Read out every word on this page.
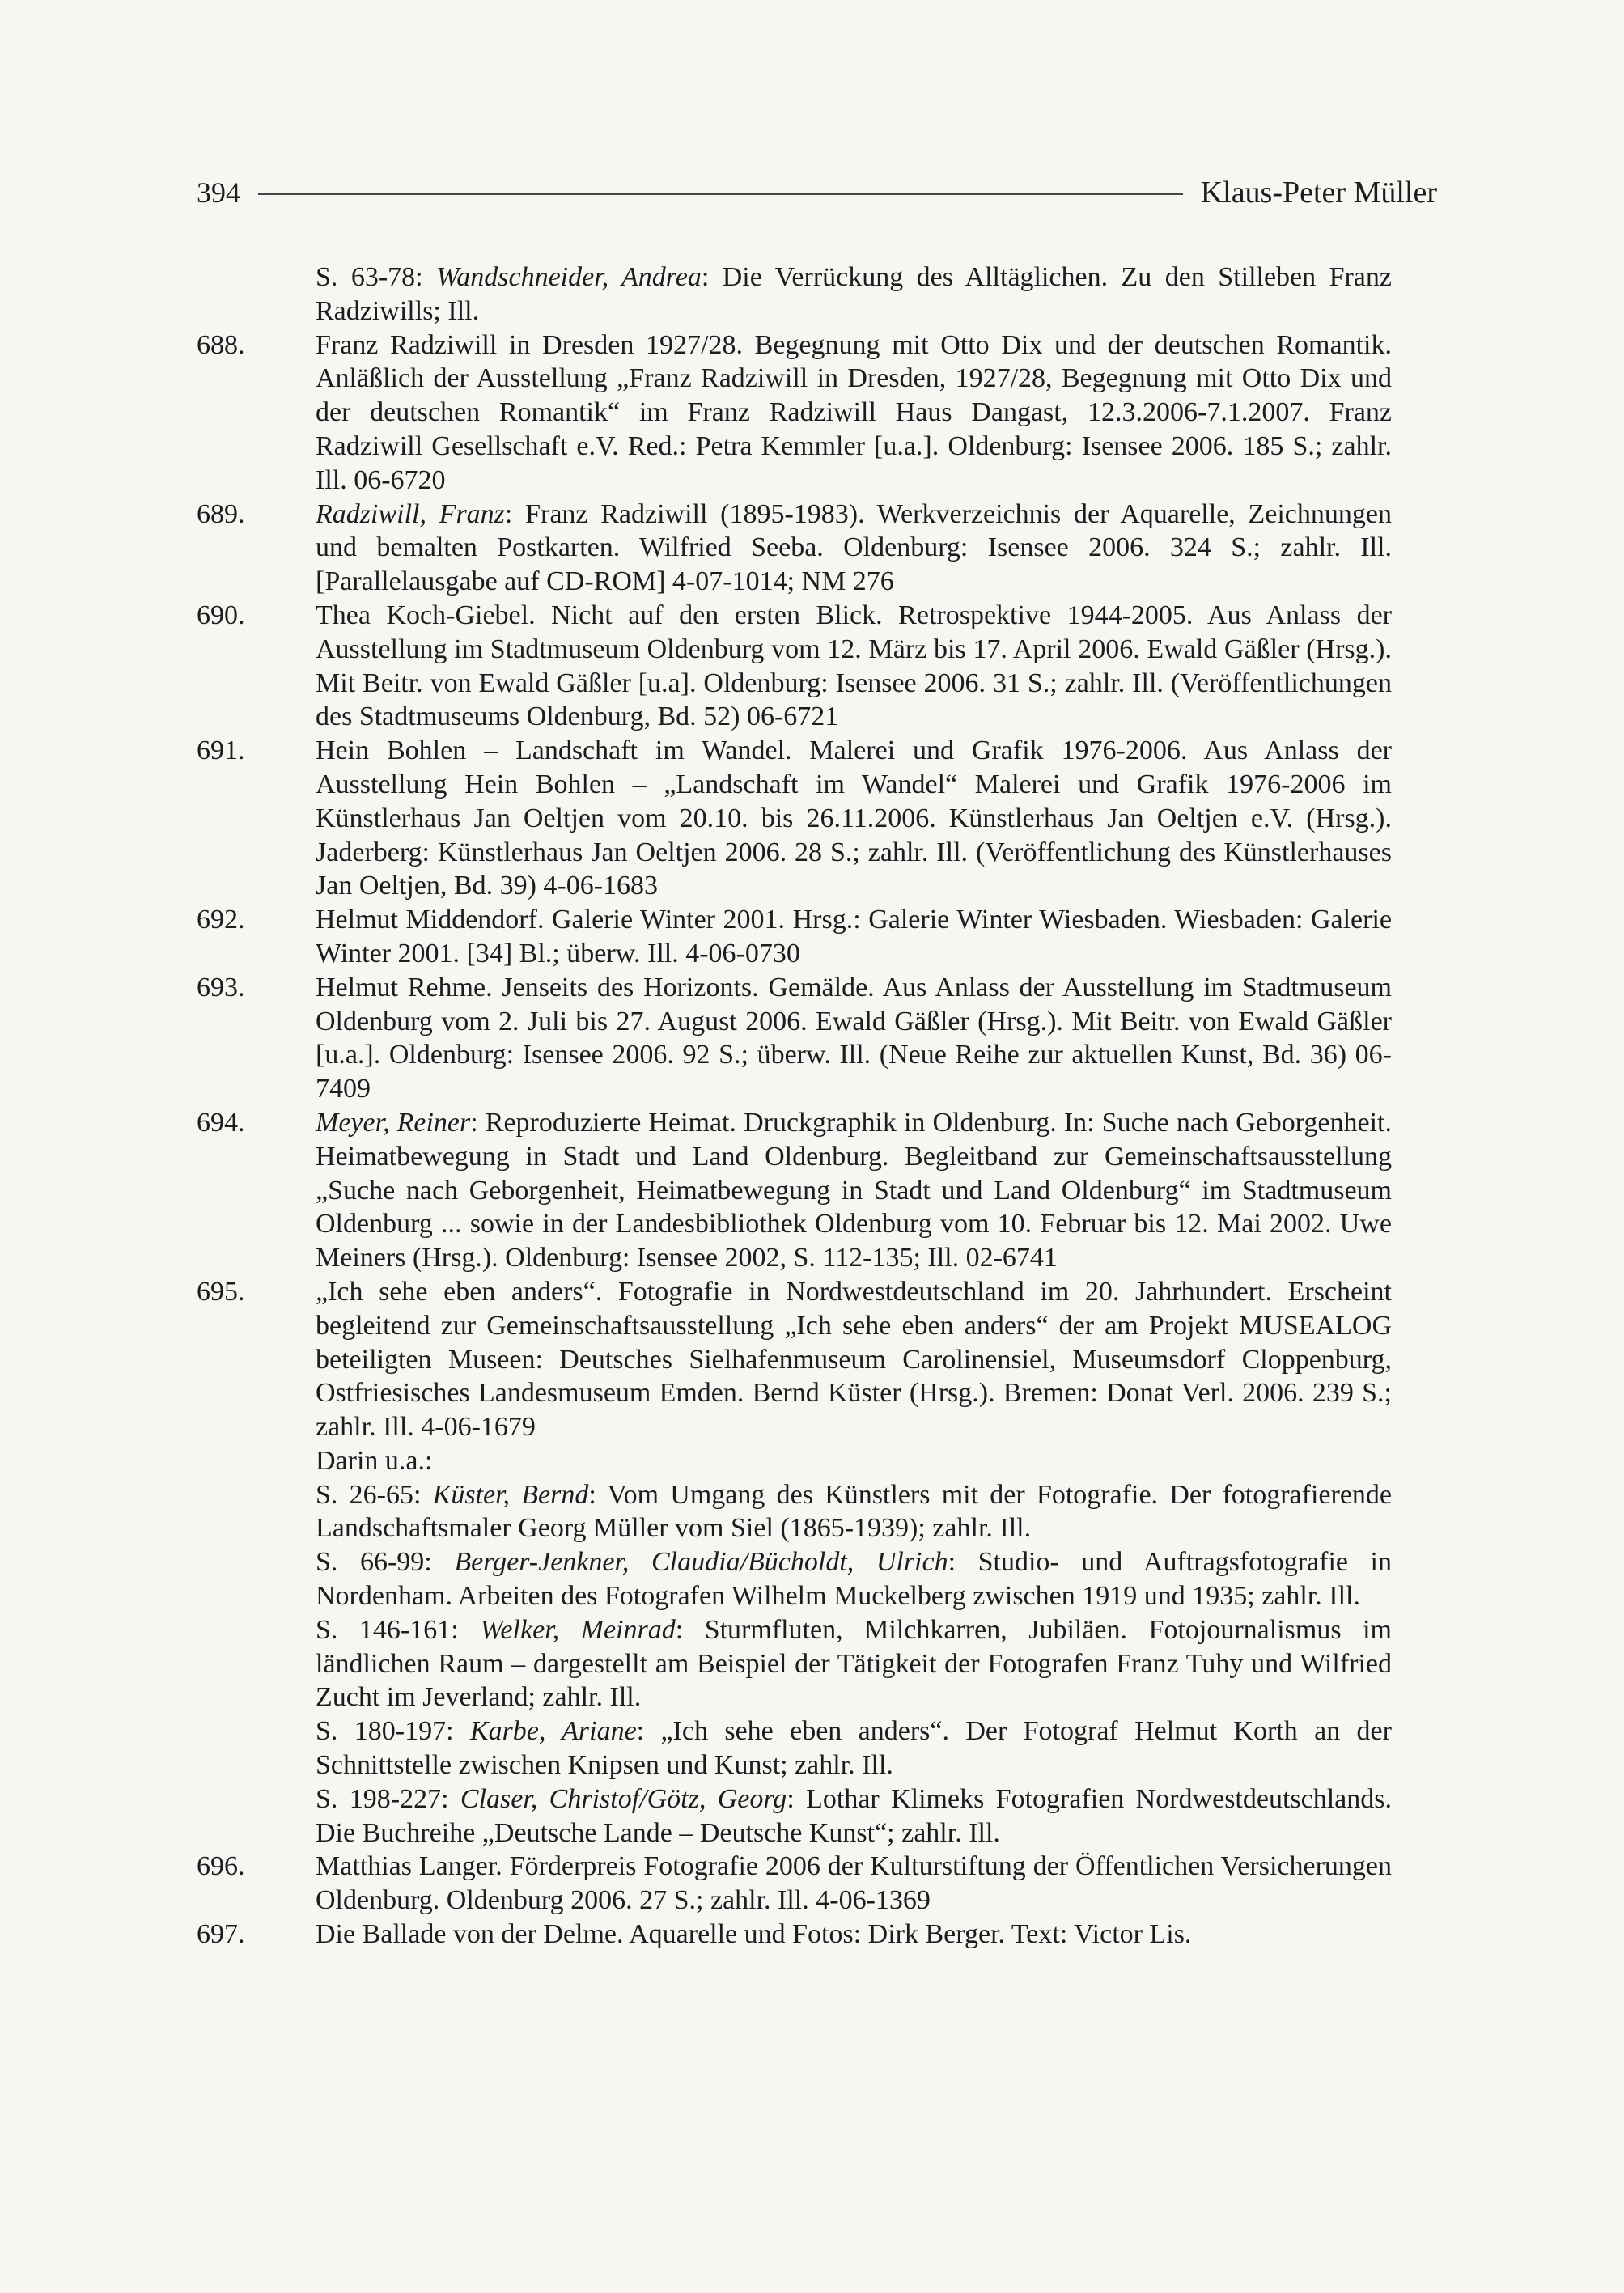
394	Klaus-Peter Müller
S. 63-78: Wandschneider, Andrea: Die Verrückung des Alltäglichen. Zu den Stilleben Franz Radziwills; Ill.
688.	Franz Radziwill in Dresden 1927/28. Begegnung mit Otto Dix und der deutschen Romantik. Anläßlich der Ausstellung „Franz Radziwill in Dresden, 1927/28, Begegnung mit Otto Dix und der deutschen Romantik“ im Franz Radziwill Haus Dangast, 12.3.2006-7.1.2007. Franz Radziwill Gesellschaft e.V. Red.: Petra Kemmler [u.a.]. Oldenburg: Isensee 2006. 185 S.; zahlr. Ill. 06-6720
689.	Radziwill, Franz: Franz Radziwill (1895-1983). Werkverzeichnis der Aquarelle, Zeichnungen und bemalten Postkarten. Wilfried Seeba. Oldenburg: Isensee 2006. 324 S.; zahlr. Ill. [Parallelausgabe auf CD-ROM] 4-07-1014; NM 276
690.	Thea Koch-Giebel. Nicht auf den ersten Blick. Retrospektive 1944-2005. Aus Anlass der Ausstellung im Stadtmuseum Oldenburg vom 12. März bis 17. April 2006. Ewald Gäßler (Hrsg.). Mit Beitr. von Ewald Gäßler [u.a]. Oldenburg: Isensee 2006. 31 S.; zahlr. Ill. (Veröffentlichungen des Stadtmuseums Oldenburg, Bd. 52) 06-6721
691.	Hein Bohlen – Landschaft im Wandel. Malerei und Grafik 1976-2006. Aus Anlass der Ausstellung Hein Bohlen – „Landschaft im Wandel“ Malerei und Grafik 1976-2006 im Künstlerhaus Jan Oeltjen vom 20.10. bis 26.11.2006. Künstlerhaus Jan Oeltjen e.V. (Hrsg.). Jaderberg: Künstlerhaus Jan Oeltjen 2006. 28 S.; zahlr. Ill. (Veröffentlichung des Künstlerhauses Jan Oeltjen, Bd. 39) 4-06-1683
692.	Helmut Middendorf. Galerie Winter 2001. Hrsg.: Galerie Winter Wiesbaden. Wiesbaden: Galerie Winter 2001. [34] Bl.; überw. Ill. 4-06-0730
693.	Helmut Rehme. Jenseits des Horizonts. Gemälde. Aus Anlass der Ausstellung im Stadtmuseum Oldenburg vom 2. Juli bis 27. August 2006. Ewald Gäßler (Hrsg.). Mit Beitr. von Ewald Gäßler [u.a.]. Oldenburg: Isensee 2006. 92 S.; überw. Ill. (Neue Reihe zur aktuellen Kunst, Bd. 36) 06-7409
694.	Meyer, Reiner: Reproduzierte Heimat. Druckgraphik in Oldenburg. In: Suche nach Geborgenheit. Heimatbewegung in Stadt und Land Oldenburg. Begleitband zur Gemeinschaftsausstellung „Suche nach Geborgenheit, Heimatbewegung in Stadt und Land Oldenburg“ im Stadtmuseum Oldenburg ... sowie in der Landesbibliothek Oldenburg vom 10. Februar bis 12. Mai 2002. Uwe Meiners (Hrsg.). Oldenburg: Isensee 2002, S. 112-135; Ill. 02-6741
695.	„Ich sehe eben anders“. Fotografie in Nordwestdeutschland im 20. Jahrhundert. Erscheint begleitend zur Gemeinschaftsausstellung „Ich sehe eben anders“ der am Projekt MUSEALOG beteiligten Museen: Deutsches Sielhafenmuseum Carolinensiel, Museumsdorf Cloppenburg, Ostfriesisches Landesmuseum Emden. Bernd Küster (Hrsg.). Bremen: Donat Verl. 2006. 239 S.; zahlr. Ill. 4-06-1679
Darin u.a.:
S. 26-65: Küster, Bernd: Vom Umgang des Künstlers mit der Fotografie. Der fotografierende Landschaftsmaler Georg Müller vom Siel (1865-1939); zahlr. Ill.
S. 66-99: Berger-Jenkner, Claudia/Bücholdt, Ulrich: Studio- und Auftragsfotografie in Nordenham. Arbeiten des Fotografen Wilhelm Muckelberg zwischen 1919 und 1935; zahlr. Ill.
S. 146-161: Welker, Meinrad: Sturmfluten, Milchkarren, Jubiläen. Fotojournalismus im ländlichen Raum – dargestellt am Beispiel der Tätigkeit der Fotografen Franz Tuhy und Wilfried Zucht im Jeverland; zahlr. Ill.
S. 180-197: Karbe, Ariane: „Ich sehe eben anders“. Der Fotograf Helmut Korth an der Schnittstelle zwischen Knipsen und Kunst; zahlr. Ill.
S. 198-227: Claser, Christof/Götz, Georg: Lothar Klimeks Fotografien Nordwestdeutschlands. Die Buchreihe „Deutsche Lande – Deutsche Kunst“; zahlr. Ill.
696.	Matthias Langer. Förderpreis Fotografie 2006 der Kulturstiftung der Öffentlichen Versicherungen Oldenburg. Oldenburg 2006. 27 S.; zahlr. Ill. 4-06-1369
697.	Die Ballade von der Delme. Aquarelle und Fotos: Dirk Berger. Text: Victor Lis.
